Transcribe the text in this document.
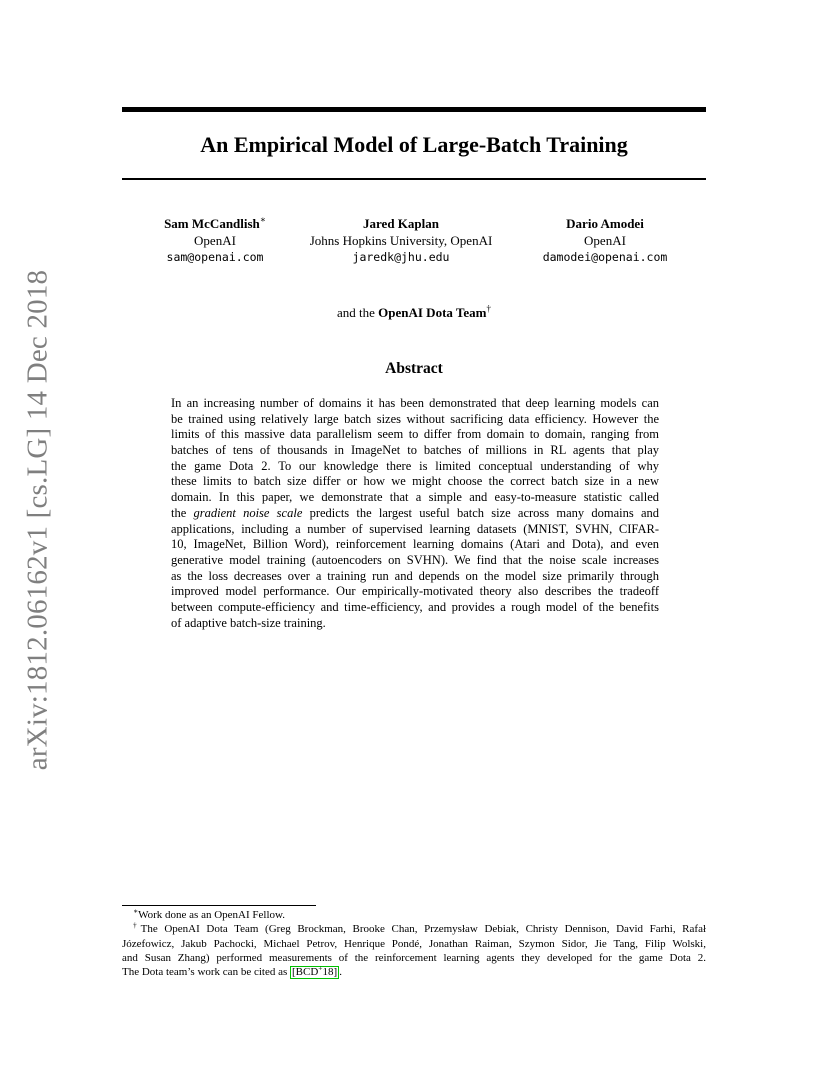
arXiv:1812.06162v1 [cs.LG] 14 Dec 2018
An Empirical Model of Large-Batch Training
Sam McCandlish∗
OpenAI
sam@openai.com
Jared Kaplan
Johns Hopkins University, OpenAI
jaredk@jhu.edu
Dario Amodei
OpenAI
damodei@openai.com
and the OpenAI Dota Team†
Abstract
In an increasing number of domains it has been demonstrated that deep learning models can
be trained using relatively large batch sizes without sacrificing data efficiency. However the
limits of this massive data parallelism seem to differ from domain to domain, ranging from
batches of tens of thousands in ImageNet to batches of millions in RL agents that play
the game Dota 2. To our knowledge there is limited conceptual understanding of why
these limits to batch size differ or how we might choose the correct batch size in a new
domain. In this paper, we demonstrate that a simple and easy-to-measure statistic called
the gradient noise scale predicts the largest useful batch size across many domains and
applications, including a number of supervised learning datasets (MNIST, SVHN, CIFAR-
10, ImageNet, Billion Word), reinforcement learning domains (Atari and Dota), and even
generative model training (autoencoders on SVHN). We find that the noise scale increases
as the loss decreases over a training run and depends on the model size primarily through
improved model performance. Our empirically-motivated theory also describes the tradeoff
between compute-efficiency and time-efficiency, and provides a rough model of the benefits
of adaptive batch-size training.
∗Work done as an OpenAI Fellow.
†The OpenAI Dota Team (Greg Brockman, Brooke Chan, Przemysław Debiak, Christy Dennison, David Farhi, Rafał
Józefowicz, Jakub Pachocki, Michael Petrov, Henrique Pondé, Jonathan Raiman, Szymon Sidor, Jie Tang, Filip Wolski,
and Susan Zhang) performed measurements of the reinforcement learning agents they developed for the game Dota 2.
The Dota team’s work can be cited as [BCD+18] .
